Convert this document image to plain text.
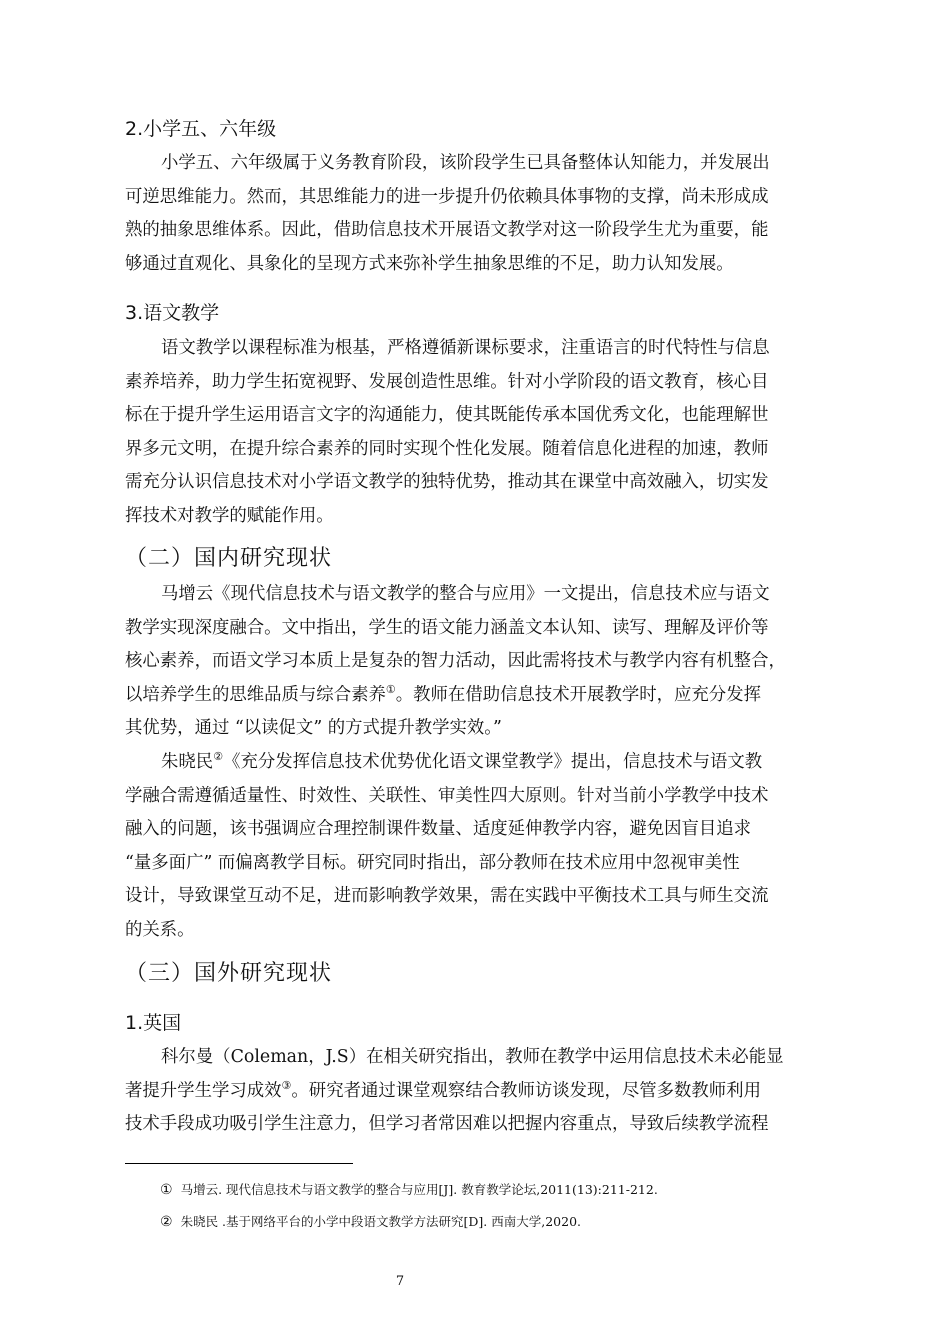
2.小学五、六年级
小学五、六年级属于义务教育阶段，该阶段学生已具备整体认知能力，并发展出
可逆思维能力。然而，其思维能力的进一步提升仍依赖具体事物的支撑，尚未形成成
熟的抽象思维体系。因此，借助信息技术开展语文教学对这一阶段学生尤为重要，能
够通过直观化、具象化的呈现方式来弥补学生抽象思维的不足，助力认知发展。
3.语文教学
语文教学以课程标准为根基，严格遵循新课标要求，注重语言的时代特性与信息
素养培养，助力学生拓宽视野、发展创造性思维。针对小学阶段的语文教育，核心目
标在于提升学生运用语言文字的沟通能力，使其既能传承本国优秀文化，也能理解世
界多元文明，在提升综合素养的同时实现个性化发展。随着信息化进程的加速，教师
需充分认识信息技术对小学语文教学的独特优势，推动其在课堂中高效融入，切实发
挥技术对教学的赋能作用。
（二）国内研究现状
马增云《现代信息技术与语文教学的整合与应用》一文提出，信息技术应与语文
教学实现深度融合。文中指出，学生的语文能力涵盖文本认知、读写、理解及评价等
核心素养，而语文学习本质上是复杂的智力活动，因此需将技术与教学内容有机整合，
以培养学生的思维品质与综合素养①。教师在借助信息技术开展教学时，应充分发挥
其优势，通过 “以读促文” 的方式提升教学实效。”
朱晓民②《充分发挥信息技术优势优化语文课堂教学》提出，信息技术与语文教
学融合需遵循适量性、时效性、关联性、审美性四大原则。针对当前小学教学中技术
融入的问题，该书强调应合理控制课件数量、适度延伸教学内容，避免因盲目追求
“量多面广” 而偏离教学目标。研究同时指出，部分教师在技术应用中忽视审美性
设计，导致课堂互动不足，进而影响教学效果，需在实践中平衡技术工具与师生交流
的关系。
（三）国外研究现状
1.英国
科尔曼（Coleman，J.S）在相关研究指出，教师在教学中运用信息技术未必能显
著提升学生学习成效③。研究者通过课堂观察结合教师访谈发现，尽管多数教师利用
技术手段成功吸引学生注意力，但学习者常因难以把握内容重点，导致后续教学流程
① 马增云. 现代信息技术与语文教学的整合与应用[J]. 教育教学论坛,2011(13):211-212.
② 朱晓民 .基于网络平台的小学中段语文教学方法研究[D]. 西南大学,2020.
7
